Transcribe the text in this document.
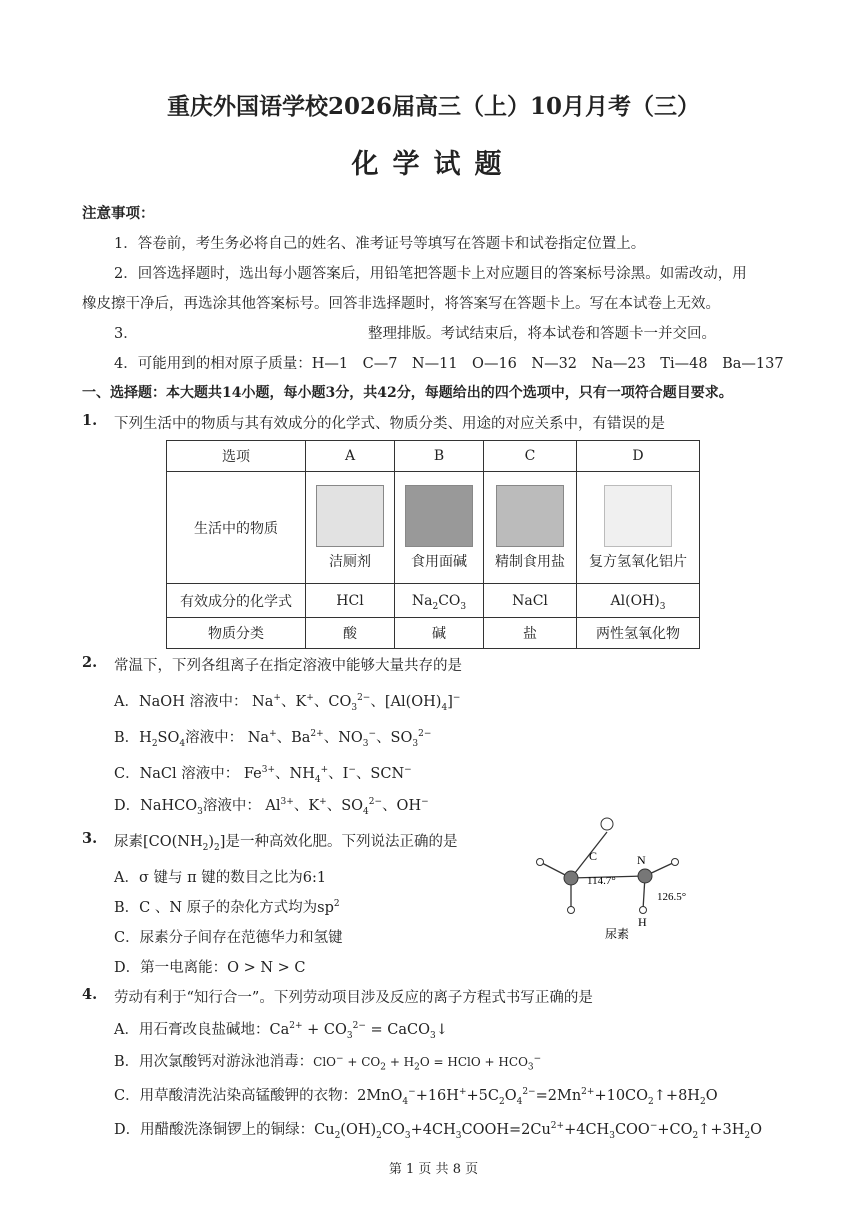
重庆外国语学校2026届高三（上）10月月考（三）
化学试题
注意事项：
1．答卷前，考生务必将自己的姓名、准考证号等填写在答题卡和试卷指定位置上。
2．回答选择题时，选出每小题答案后，用铅笔把答题卡上对应题目的答案标号涂黑。如需改动，用
橡皮擦干净后，再选涂其他答案标号。回答非选择题时，将答案写在答题卡上。写在本试卷上无效。
3．	整理排版。考试结束后，将本试卷和答题卡一并交回。
4．可能用到的相对原子质量：H—1　C—7　N—11　O—16　N—32　Na—23　Ti—48　Ba—137
一、选择题：本大题共14小题，每小题3分，共42分，每题给出的四个选项中，只有一项符合题目要求。
1. 下列生活中的物质与其有效成分的化学式、物质分类、用途的对应关系中，有错误的是
选项	A	B	C	D
生活中的物质	洁厕剂	食用面碱	精制食用盐	复方氢氧化铝片

有效成分的化学式	HCl	$Na_2CO_3$	NaCl	$Al(OH)_3$
物质分类	酸	碱	盐	两性氢氧化物
2. 常温下，下列各组离子在指定溶液中能够大量共存的是
A．NaOH 溶液中： Na+、K+、$CO_3^{2-}$、$[Al(OH)_4]^-$
B．$H_2SO_4$溶液中： Na+、$Ba^{2+}$、$NO_3^-$、$SO_3^{2-}$
C．NaCl 溶液中： $Fe^{3+}$、$NH_4^+$、I−、SCN−
D．NaHCO$_3$溶液中： $Al^{3+}$、K+、$SO_4^{2-}$、OH−
3. 尿素$[CO(NH_2)_2]$是一种高效化肥。下列说法正确的是
A．σ 键与 π 键的数目之比为6:1
B．C 、N 原子的杂化方式均为$sp^2$
C．尿素分子间存在范德华力和氢键
D．第一电离能：O > N > C
C	N
H
114.7°
126.5°
尿素
4. 劳动有利于“知行合一”。下列劳动项目涉及反应的离子方程式书写正确的是
A．用石膏改良盐碱地：$Ca^{2+} + CO_3^{2-}$ = CaCO$_3$↓
B．用次氯酸钙对游泳池消毒：$ClO^- + CO_2 + H_2O$ = HClO + $HCO_3^-$
C．用草酸清洗沾染高锰酸钾的衣物：$2MnO_4^-+16H^++5C_2O_4^{2-}=2Mn^{2+}+10CO_2↑+8H_2O$
D．用醋酸洗涤铜锣上的铜绿：$Cu_2(OH)_2CO_3+4CH_3COOH=2Cu^{2+}+4CH_3COO^-+CO_2↑+3H_2O$
第 1 页 共 8 页
